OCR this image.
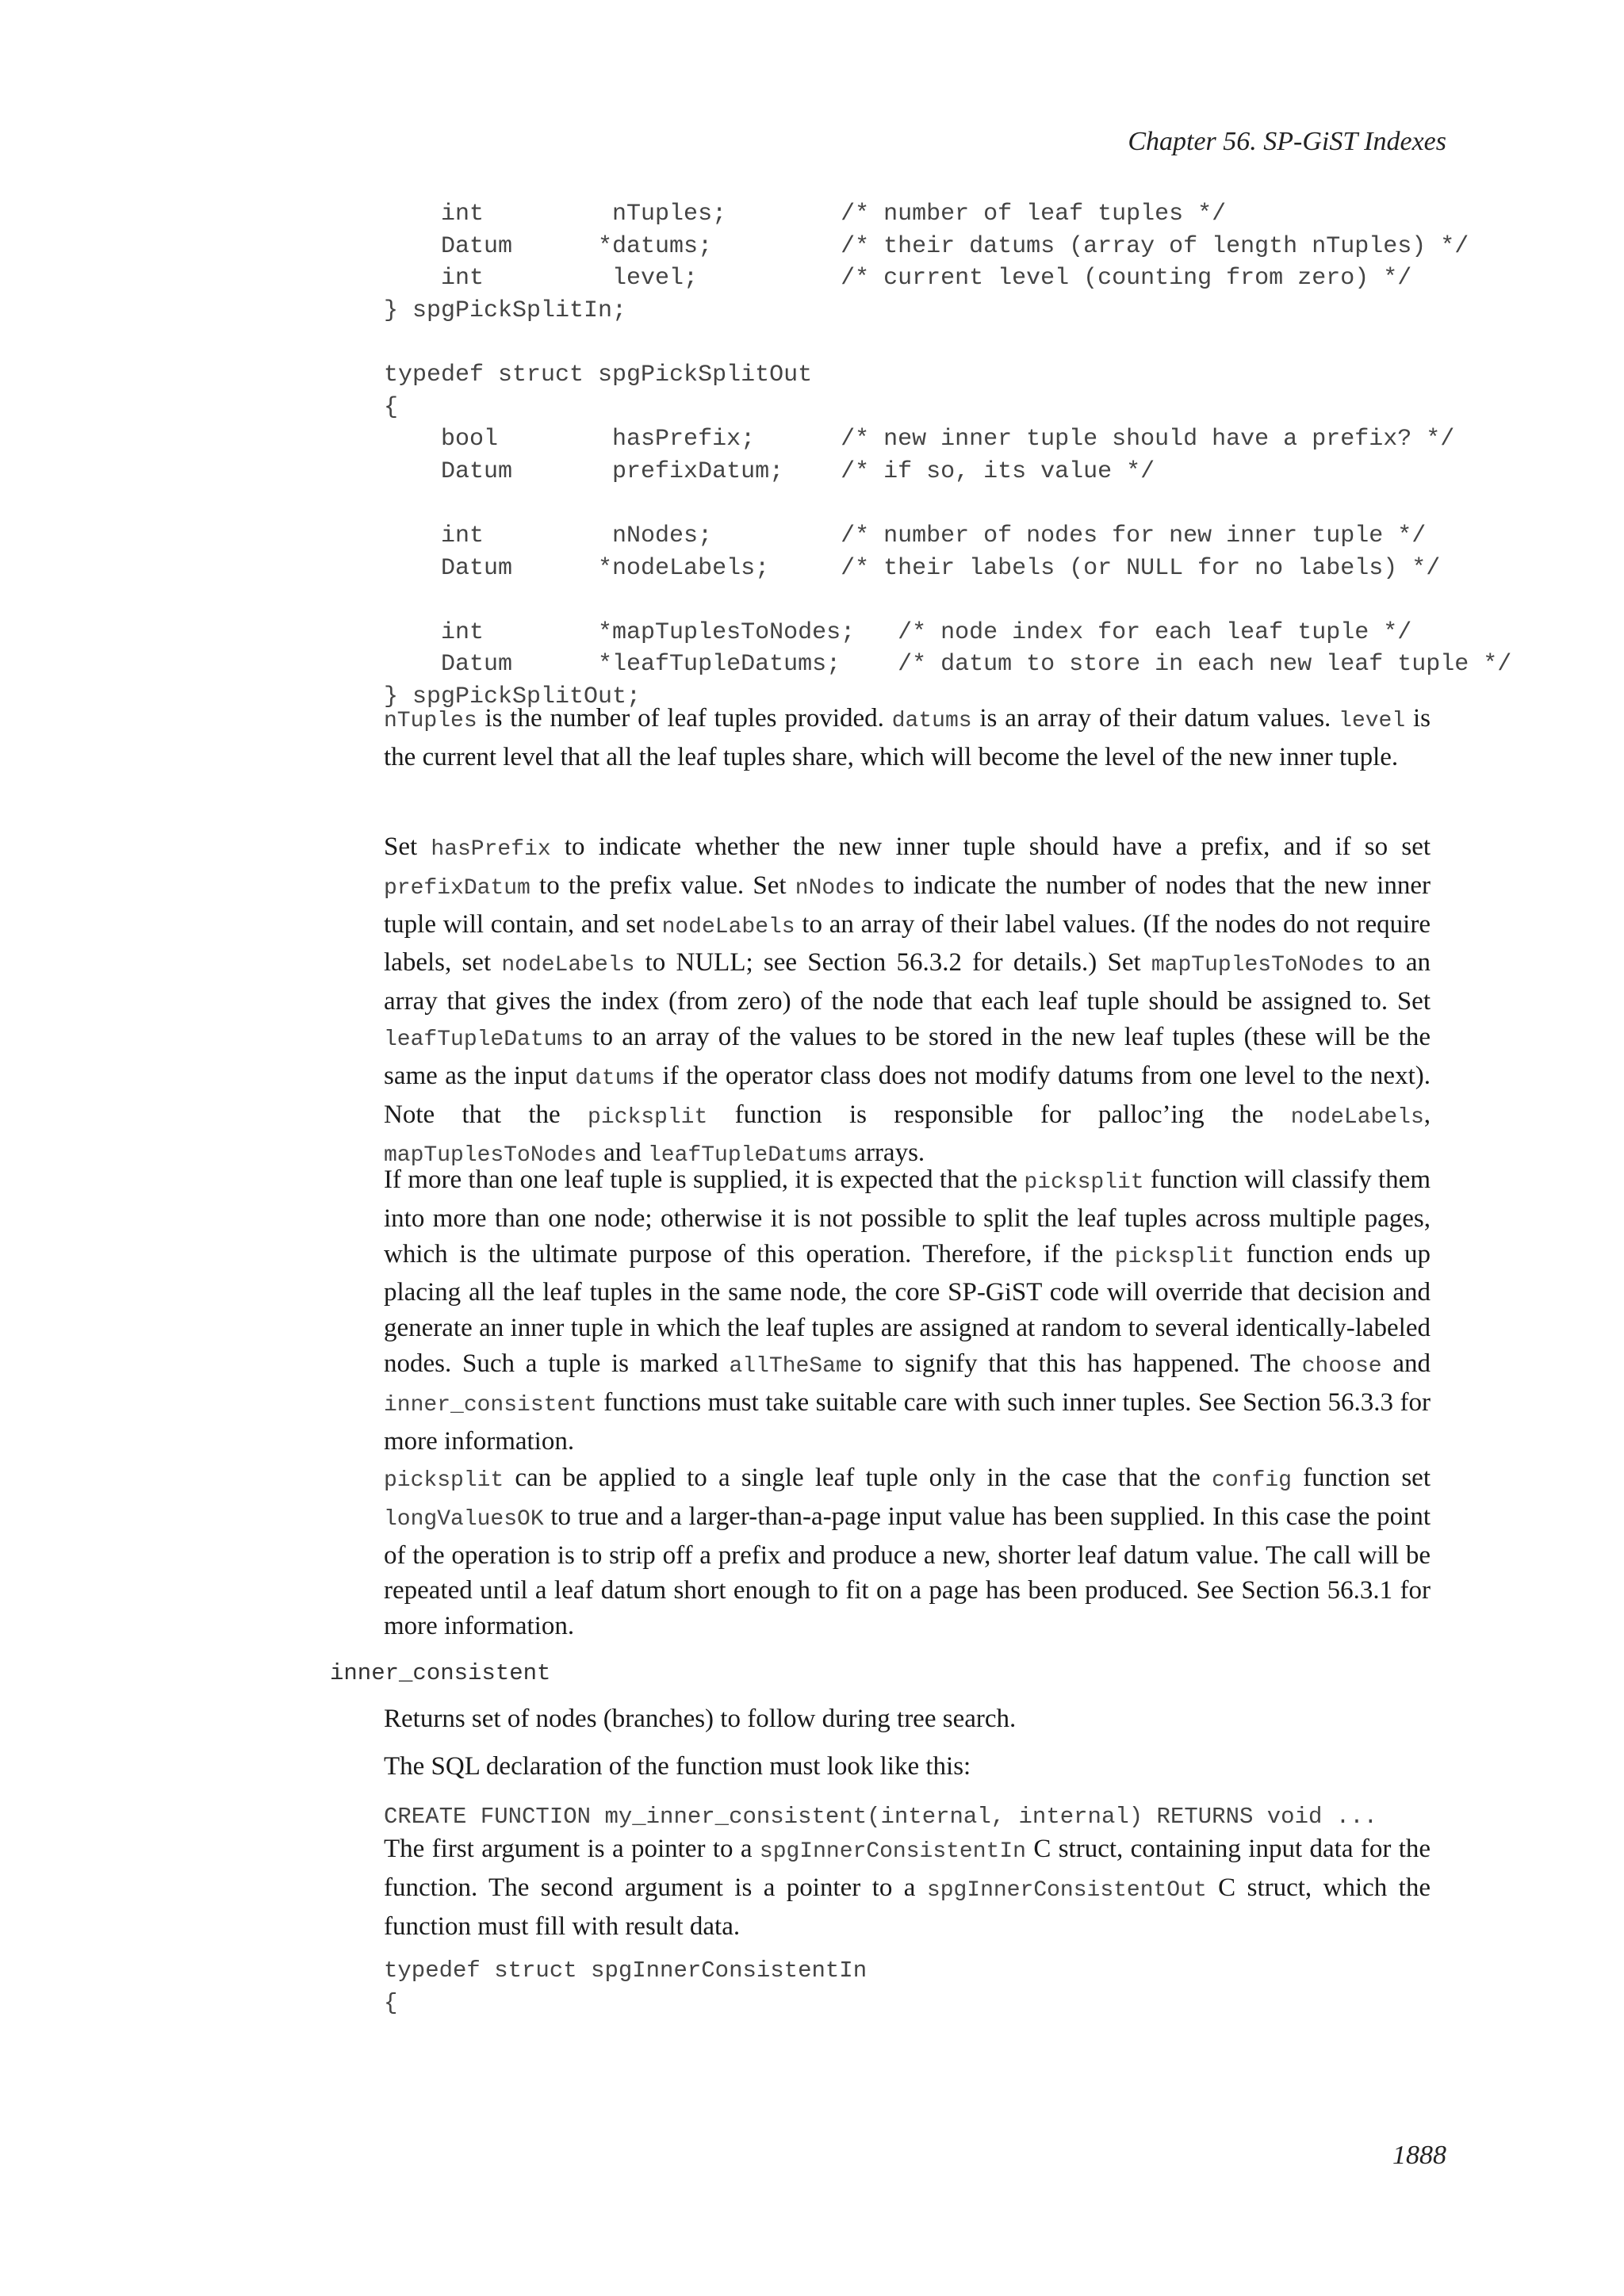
Chapter 56. SP-GiST Indexes
int         nTuples;        /* number of leaf tuples */
Datum      *datums;         /* their datums (array of length nTuples) */
int         level;          /* current level (counting from zero) */
} spgPickSplitIn;

typedef struct spgPickSplitOut
{
bool        hasPrefix;      /* new inner tuple should have a prefix? */
Datum       prefixDatum;    /* if so, its value */

int         nNodes;         /* number of nodes for new inner tuple */
Datum      *nodeLabels;     /* their labels (or NULL for no labels) */

int        *mapTuplesToNodes;   /* node index for each leaf tuple */
Datum      *leafTupleDatums;    /* datum to store in each new leaf tuple */
} spgPickSplitOut;

nTuples is the number of leaf tuples provided. datums is an array of their datum values. level is the current level that all the leaf tuples share, which will become the level of the new inner tuple.

Set hasPrefix to indicate whether the new inner tuple should have a prefix, and if so set prefixDatum to the prefix value. Set nNodes to indicate the number of nodes that the new inner tuple will contain, and set nodeLabels to an array of their label values. (If the nodes do not require labels, set nodeLabels to NULL; see Section 56.3.2 for details.) Set mapTuplesToNodes to an array that gives the index (from zero) of the node that each leaf tuple should be assigned to. Set leafTupleDatums to an array of the values to be stored in the new leaf tuples (these will be the same as the input datums if the operator class does not modify datums from one level to the next). Note that the picksplit function is responsible for palloc’ing the nodeLabels, mapTuplesToNodes and leafTupleDatums arrays.

If more than one leaf tuple is supplied, it is expected that the picksplit function will classify them into more than one node; otherwise it is not possible to split the leaf tuples across multiple pages, which is the ultimate purpose of this operation. Therefore, if the picksplit function ends up placing all the leaf tuples in the same node, the core SP-GiST code will override that decision and generate an inner tuple in which the leaf tuples are assigned at random to several identically-labeled nodes. Such a tuple is marked allTheSame to signify that this has happened. The choose and inner_consistent functions must take suitable care with such inner tuples. See Section 56.3.3 for more information.

picksplit can be applied to a single leaf tuple only in the case that the config function set longValuesOK to true and a larger-than-a-page input value has been supplied. In this case the point of the operation is to strip off a prefix and produce a new, shorter leaf datum value. The call will be repeated until a leaf datum short enough to fit on a page has been produced. See Section 56.3.1 for more information.

inner_consistent

Returns set of nodes (branches) to follow during tree search.

The SQL declaration of the function must look like this:

CREATE FUNCTION my_inner_consistent(internal, internal) RETURNS void ...

The first argument is a pointer to a spgInnerConsistentIn C struct, containing input data for the function. The second argument is a pointer to a spgInnerConsistentOut C struct, which the function must fill with result data.

typedef struct spgInnerConsistentIn
{
1888
